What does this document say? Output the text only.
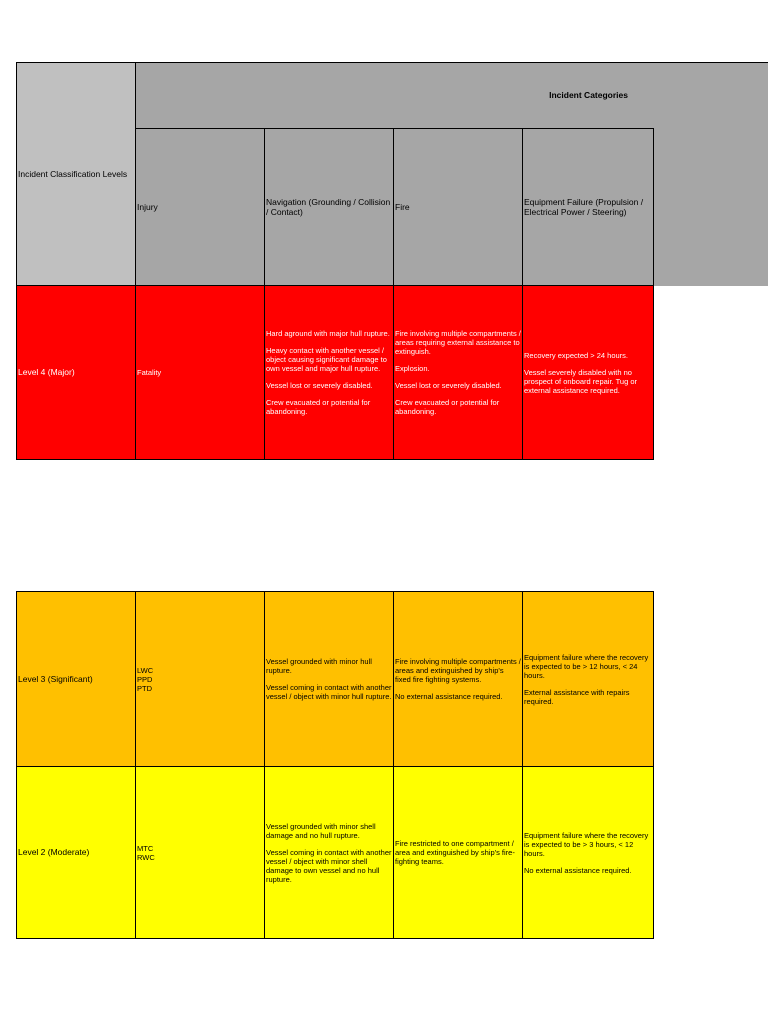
Incident Classification Levels
Incident Categories
Injury
Navigation (Grounding / Collision / Contact)
Fire
Equipment Failure (Propulsion / Electrical Power / Steering)
Level 4 (Major)	Fatality

Hard aground with major hull rupture.

Heavy contact with another vessel / object causing significant damage to own vessel and major hull rupture.

Vessel lost or severely disabled.

Crew evacuated or potential for abandoning.

Fire involving multiple compartments / areas requiring external assistance to extinguish.

Explosion.

Vessel lost or severely disabled.

Crew evacuated or potential for abandoning.

Recovery expected > 24 hours.

Vessel severely disabled with no prospect of onboard repair. Tug or external assistance required.

Level 3 (Significant)
LWC
PPD
PTD

Vessel grounded with minor hull rupture.

Vessel coming in contact with another vessel / object with minor hull rupture.

Fire involving multiple compartments / areas and extinguished by ship's fixed fire fighting systems.

No external assistance required.

Equipment failure where the recovery is expected to be > 12 hours, < 24 hours.

External assistance with repairs required.

Level 2 (Moderate)	MTC
RWC

Vessel grounded with minor shell damage and no hull rupture.

Vessel coming in contact with another vessel / object with minor shell damage to own vessel and no hull rupture.

Fire restricted to one compartment / area and extinguished by ship's fire-fighting teams.

Equipment failure where the recovery is expected to be > 3 hours, < 12 hours.

No external assistance required.
